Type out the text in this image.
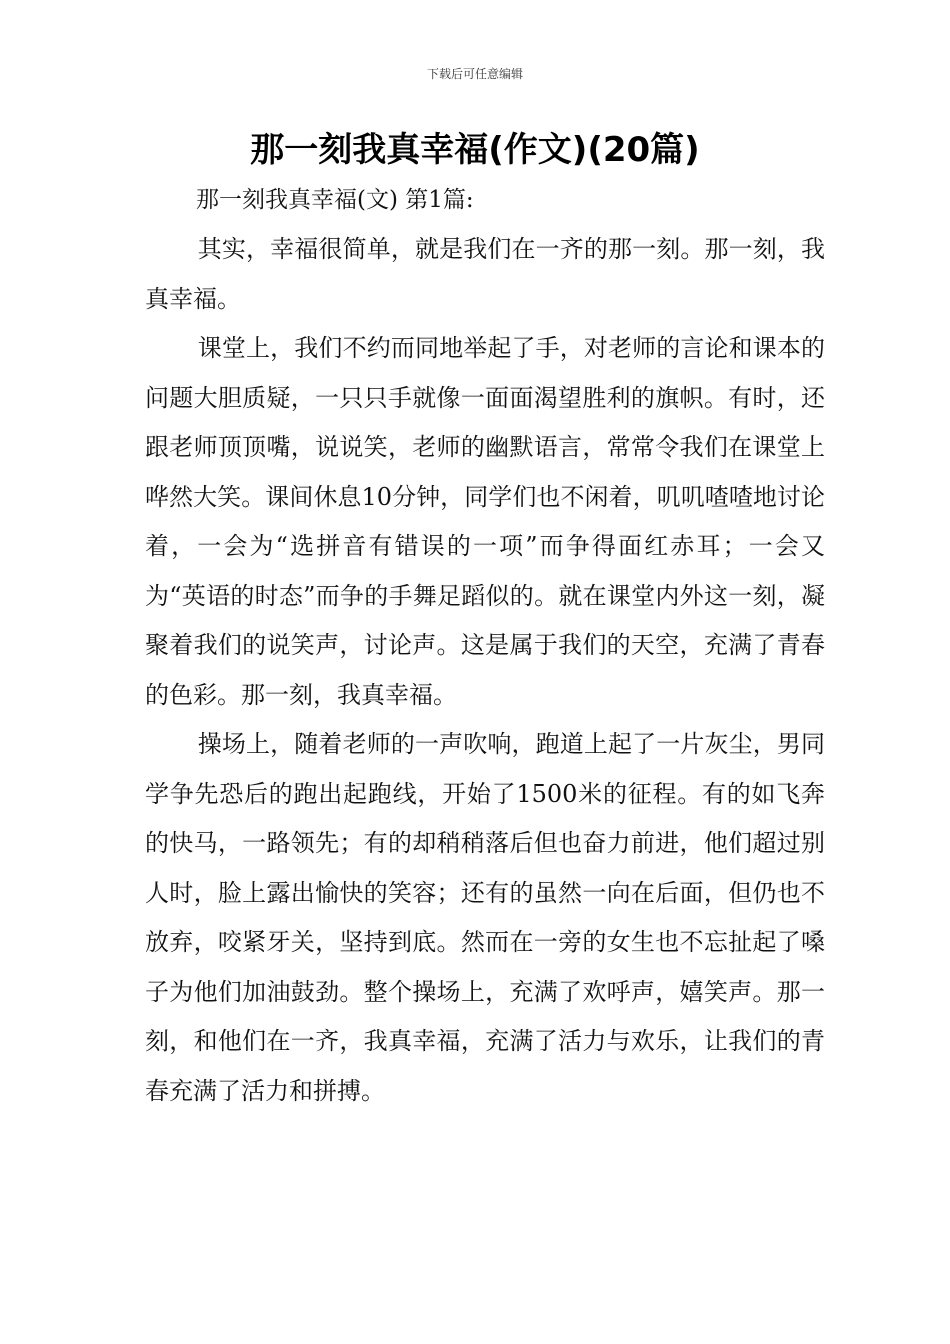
下载后可任意编辑
那一刻我真幸福(作文)(20篇)
那一刻我真幸福(文) 第1篇:

其实，幸福很简单，就是我们在一齐的那一刻。那一刻，我真幸福。

课堂上，我们不约而同地举起了手，对老师的言论和课本的问题大胆质疑，一只只手就像一面面渴望胜利的旗帜。有时，还跟老师顶顶嘴，说说笑，老师的幽默语言，常常令我们在课堂上哗然大笑。课间休息10分钟，同学们也不闲着，叽叽喳喳地讨论着，一会为“选拼音有错误的一项”而争得面红赤耳；一会又为“英语的时态”而争的手舞足蹈似的。就在课堂内外这一刻，凝聚着我们的说笑声，讨论声。这是属于我们的天空，充满了青春的色彩。那一刻，我真幸福。

操场上，随着老师的一声吹响，跑道上起了一片灰尘，男同学争先恐后的跑出起跑线，开始了1500米的征程。有的如飞奔的快马，一路领先；有的却稍稍落后但也奋力前进，他们超过别人时，脸上露出愉快的笑容；还有的虽然一向在后面，但仍也不放弃，咬紧牙关，坚持到底。然而在一旁的女生也不忘扯起了嗓子为他们加油鼓劲。整个操场上，充满了欢呼声，嬉笑声。那一刻，和他们在一齐，我真幸福，充满了活力与欢乐，让我们的青春充满了活力和拼搏。
